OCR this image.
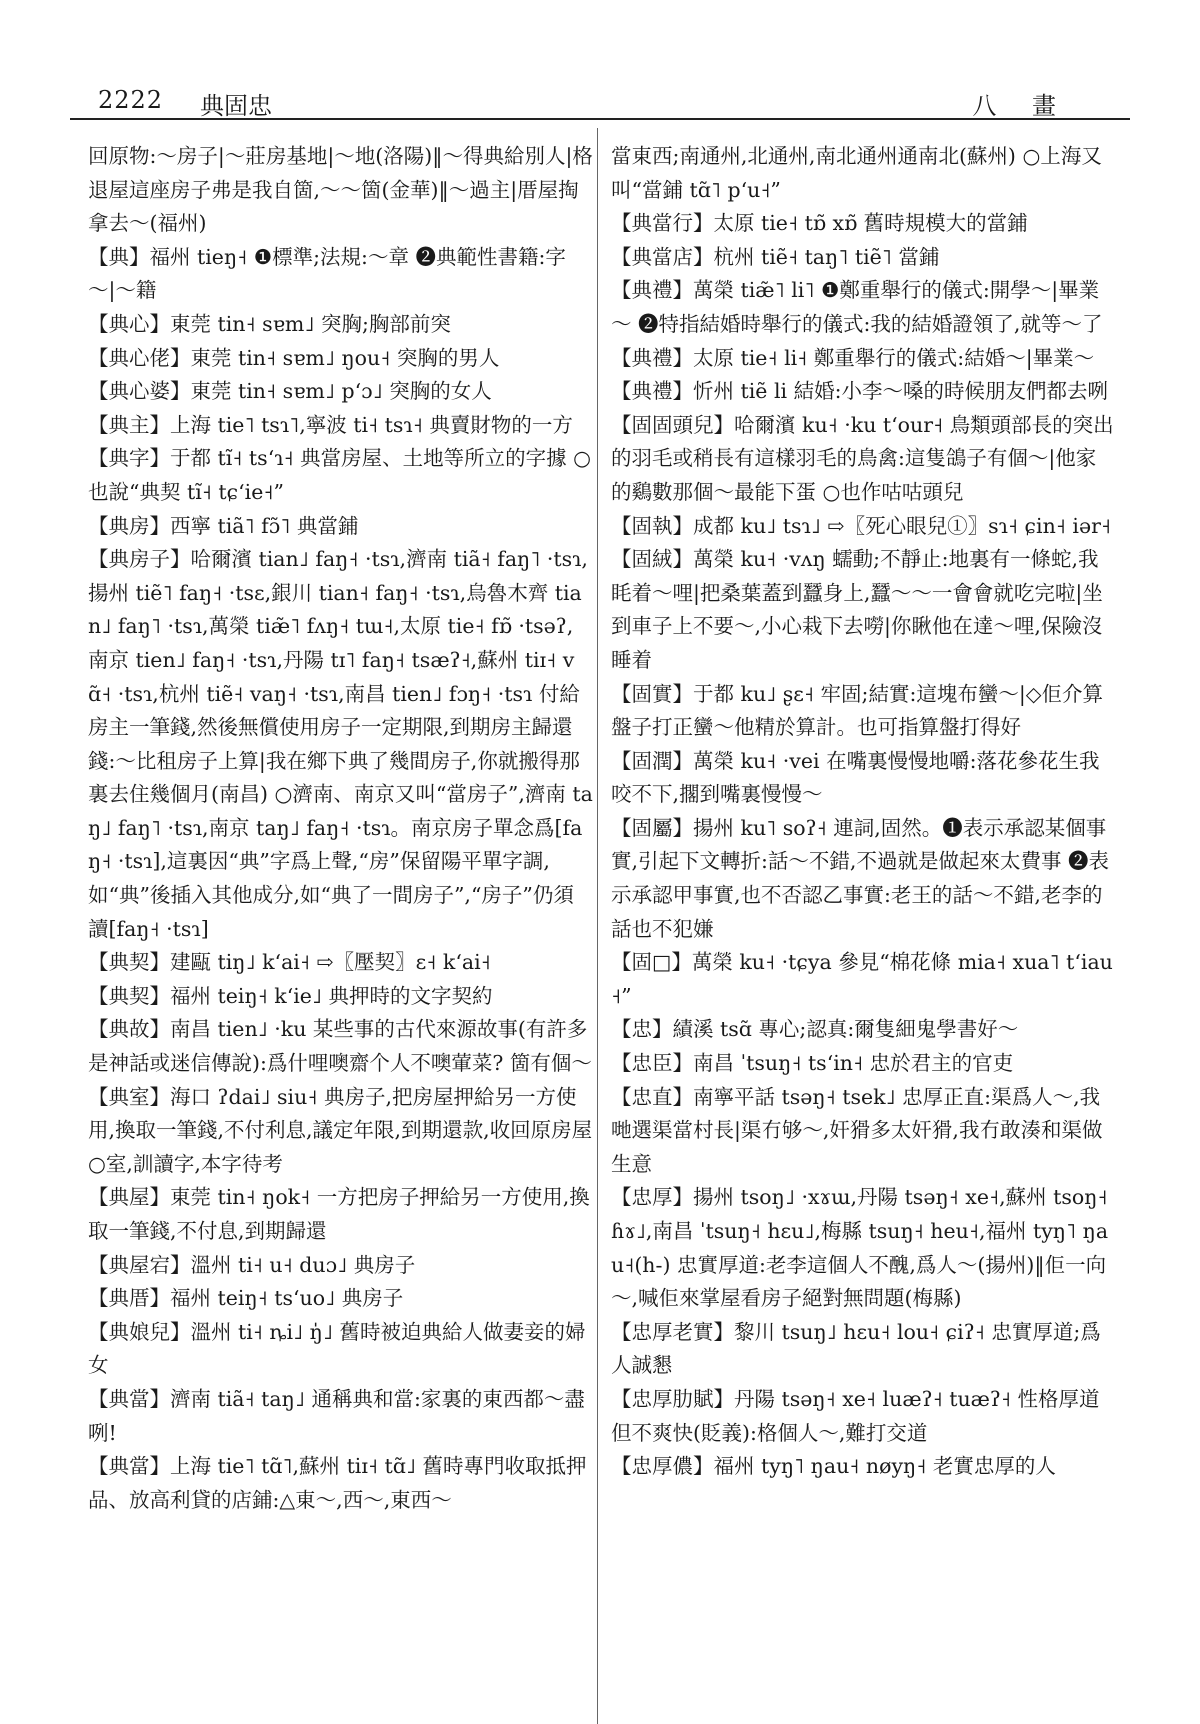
2222 典固忠	八 畫

回原物:～房子|～莊房基地|～地(洛陽)‖～得典給別人|格退屋這座房子弗是我自箇,～～箇(金華)‖～過主|厝屋掏拿去～(福州)

【典】福州 tieŋ˧ ❶標準;法規:～章 ❷典範性書籍:字～|～籍

【典心】東莞 tin˧ sɐm˩ 突胸;胸部前突

【典心佬】東莞 tin˧ sɐm˩ ŋou˧ 突胸的男人

【典心婆】東莞 tin˧ sɐm˩ pʻɔ˩ 突胸的女人

【典主】上海 tie˥ tsɿ˥,寧波 ti˧ tsɿ˧ 典賣財物的一方

【典字】于都 tĩ˧ tsʻɿ˧ 典當房屋、土地等所立的字據 ○也說“典契 tĩ˧ tɕʻie˧”

【典房】西寧 tiã˥ fɔ̃˥ 典當鋪

【典房子】哈爾濱 tian˩ faŋ˧ ·tsɿ,濟南 tiã˧ faŋ˥ ·tsɿ,揚州 tiẽ˥ faŋ˧ ·tsɛ,銀川 tian˧ faŋ˧ ·tsɿ,烏魯木齊 tian˩ faŋ˥ ·tsɿ,萬榮 tiæ̃˥ fʌŋ˧ tɯ˧,太原 tie˧ fɒ̃ ·tsəʔ,南京 tien˩ faŋ˧ ·tsɿ,丹陽 tɪ˥ faŋ˧ tsæʔ˧,蘇州 tiɪ˧ vɑ̃˧ ·tsɿ,杭州 tiẽ˧ vaŋ˧ ·tsɿ,南昌 tien˩ fɔŋ˧ ·tsɿ 付給房主一筆錢,然後無償使用房子一定期限,到期房主歸還錢:～比租房子上算|我在鄉下典了幾間房子,你就搬得那裏去住幾個月(南昌) ○濟南、南京又叫“當房子”,濟南 taŋ˩ faŋ˥ ·tsɿ,南京 taŋ˩ faŋ˧ ·tsɿ。南京房子單念爲[faŋ˧ ·tsɿ],這裏因“典”字爲上聲,“房”保留陽平單字調,如“典”後插入其他成分,如“典了一間房子”,“房子”仍須讀[faŋ˧ ·tsɿ]

【典契】建甌 tiŋ˩ kʻai˧ ⇨〖壓契〗ɛ˧ kʻai˧

【典契】福州 teiŋ˧ kʻie˩ 典押時的文字契約

【典故】南昌 tien˩ ·ku 某些事的古代來源故事(有許多是神話或迷信傳說):爲什哩噢齋个人不噢葷菜? 箇有個～

【典室】海口 ʔdai˩ siu˧ 典房子,把房屋押給另一方使用,換取一筆錢,不付利息,議定年限,到期還款,收回原房屋 ○室,訓讀字,本字待考

【典屋】東莞 tin˧ ŋok˧ 一方把房子押給另一方使用,換取一筆錢,不付息,到期歸還

【典屋宕】溫州 ti˧ u˧ duɔ˩ 典房子

【典厝】福州 teiŋ˧ tsʻuo˩ 典房子

【典娘兒】溫州 ti˧ ȵi˩ ŋ̍˩ 舊時被迫典給人做妻妾的婦女

【典當】濟南 tiã˧ taŋ˩ 通稱典和當:家裏的東西都～盡咧!

【典當】上海 tie˥ tɑ̃˥,蘇州 tiɪ˧ tɑ̃˩ 舊時專門收取抵押品、放高利貸的店鋪:△東～,西～,東西～

當東西;南通州,北通州,南北通州通南北(蘇州) ○上海又叫“當鋪 tɑ̃˥ pʻu˧”

【典當行】太原 tie˧ tɒ̃ xɒ̃ 舊時規模大的當鋪

【典當店】杭州 tiẽ˧ taŋ˥ tiẽ˥ 當鋪

【典禮】萬榮 tiæ̃˥ li˥ ❶鄭重舉行的儀式:開學～|畢業～ ❷特指結婚時舉行的儀式:我的結婚證領了,就等～了

【典禮】太原 tie˧ li˧ 鄭重舉行的儀式:結婚～|畢業～

【典禮】忻州 tiẽ li 結婚:小李～嗓的時候朋友們都去咧

【固固頭兒】哈爾濱 ku˧ ·ku tʻour˧ 鳥類頭部長的突出的羽毛或稍長有這樣羽毛的鳥禽:這隻鴿子有個～|他家的鷄數那個～最能下蛋 ○也作咕咕頭兒

【固執】成都 ku˩ tsɿ˩ ⇨〖死心眼兒①〗sɿ˧ ɕin˧ iər˧

【固絨】萬榮 ku˧ ·vʌŋ 蠕動;不靜止:地裏有一條蛇,我眊着～哩|把桑葉蓋到蠶身上,蠶～～一會會就吃完啦|坐到車子上不要～,小心栽下去嘮|你瞅他在達～哩,保險沒睡着

【固實】于都 ku˩ ʂɛ˧ 牢固;結實:這塊布蠻～|◇佢介算盤子打正蠻～他精於算計。也可指算盤打得好

【固潤】萬榮 ku˧ ·vei 在嘴裏慢慢地嚼:落花參花生我咬不下,擱到嘴裏慢慢～

【固屬】揚州 ku˥ soʔ˧ 連詞,固然。❶表示承認某個事實,引起下文轉折:話～不錯,不過就是做起來太費事 ❷表示承認甲事實,也不否認乙事實:老王的話～不錯,老李的話也不犯嫌

【固□】萬榮 ku˧ ·tɕya 參見“棉花條 mia˧ xua˥ tʻiau˧”

【忠】績溪 tsɑ̃ 專心;認真:爾隻細鬼學書好～

【忠臣】南昌 ˈtsuŋ˧ tsʻin˧ 忠於君主的官吏

【忠直】南寧平話 tsəŋ˧ tsek˩ 忠厚正直:渠爲人～,我哋選渠當村長|渠冇够～,奸猾多太奸猾,我冇敢湊和渠做生意

【忠厚】揚州 tsoŋ˩ ·xɤɯ,丹陽 tsəŋ˧ xe˧,蘇州 tsoŋ˧ ɦɤ˩,南昌 ˈtsuŋ˧ hɛu˩,梅縣 tsuŋ˧ heu˧,福州 tyŋ˥ ŋau˧(h-) 忠實厚道:老李這個人不醜,爲人～(揚州)‖佢一向～,喊佢來掌屋看房子絕對無問題(梅縣)

【忠厚老實】黎川 tsuŋ˩ hɛu˧ lou˧ ɕiʔ˧ 忠實厚道;爲人誠懇

【忠厚肋賦】丹陽 tsəŋ˧ xe˧ luæʔ˧ tuæʔ˧ 性格厚道但不爽快(貶義):格個人～,難打交道

【忠厚儂】福州 tyŋ˥ ŋau˧ nøyŋ˧ 老實忠厚的人
